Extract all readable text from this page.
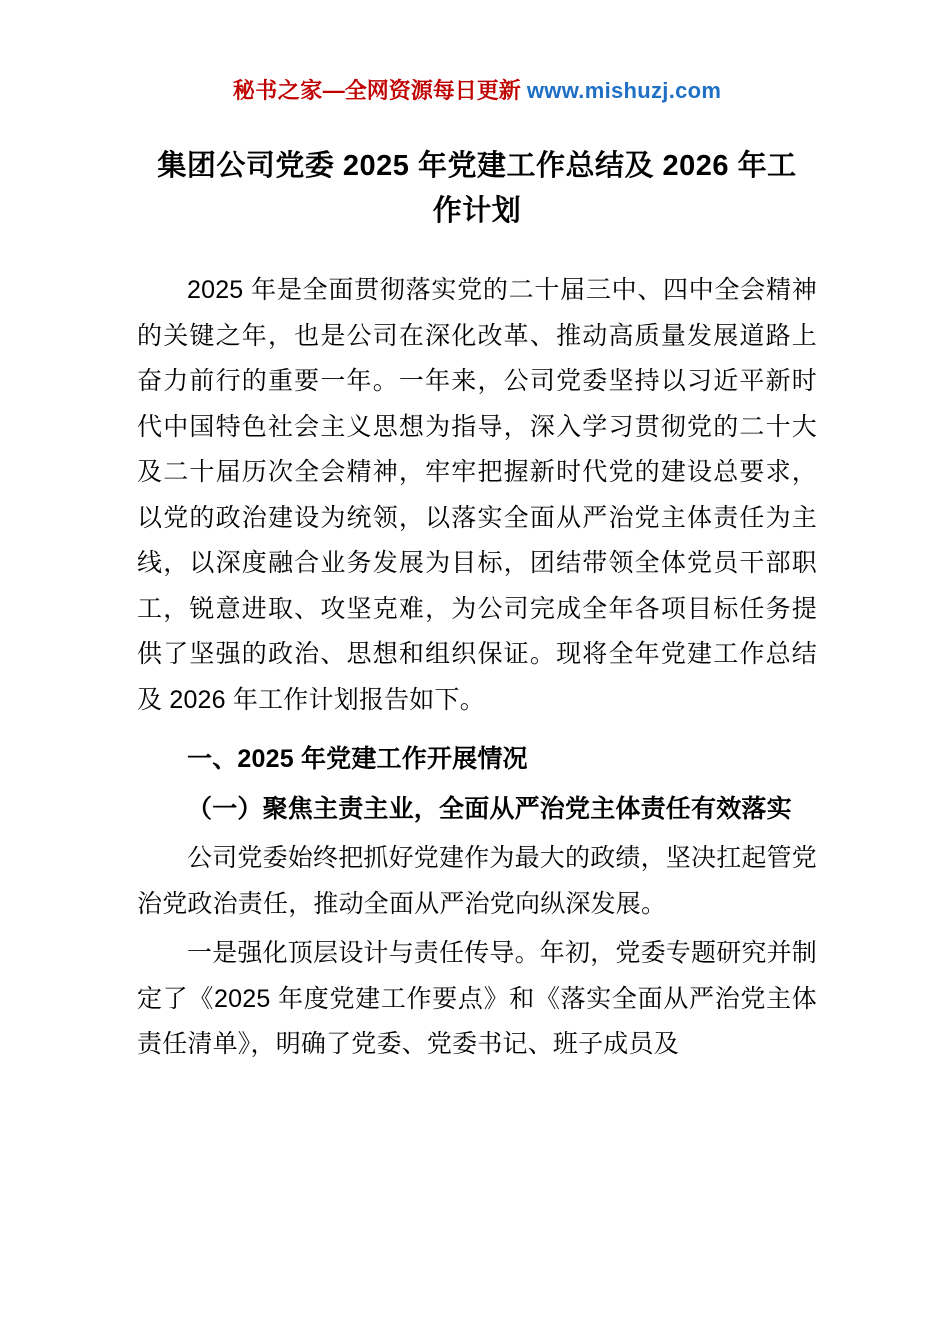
秘书之家—全网资源每日更新 www.mishuzj.com
集团公司党委 2025 年党建工作总结及 2026 年工作计划

2025 年是全面贯彻落实党的二十届三中、四中全会精神的关键之年，也是公司在深化改革、推动高质量发展道路上奋力前行的重要一年。一年来，公司党委坚持以习近平新时代中国特色社会主义思想为指导，深入学习贯彻党的二十大及二十届历次全会精神，牢牢把握新时代党的建设总要求，以党的政治建设为统领，以落实全面从严治党主体责任为主线，以深度融合业务发展为目标，团结带领全体党员干部职工，锐意进取、攻坚克难，为公司完成全年各项目标任务提供了坚强的政治、思想和组织保证。现将全年党建工作总结及 2026 年工作计划报告如下。

一、2025 年党建工作开展情况

（一）聚焦主责主业，全面从严治党主体责任有效落实

公司党委始终把抓好党建作为最大的政绩，坚决扛起管党治党政治责任，推动全面从严治党向纵深发展。

一是强化顶层设计与责任传导。年初，党委专题研究并制定了《2025 年度党建工作要点》和《落实全面从严治党主体责任清单》，明确了党委、党委书记、班子成员及
